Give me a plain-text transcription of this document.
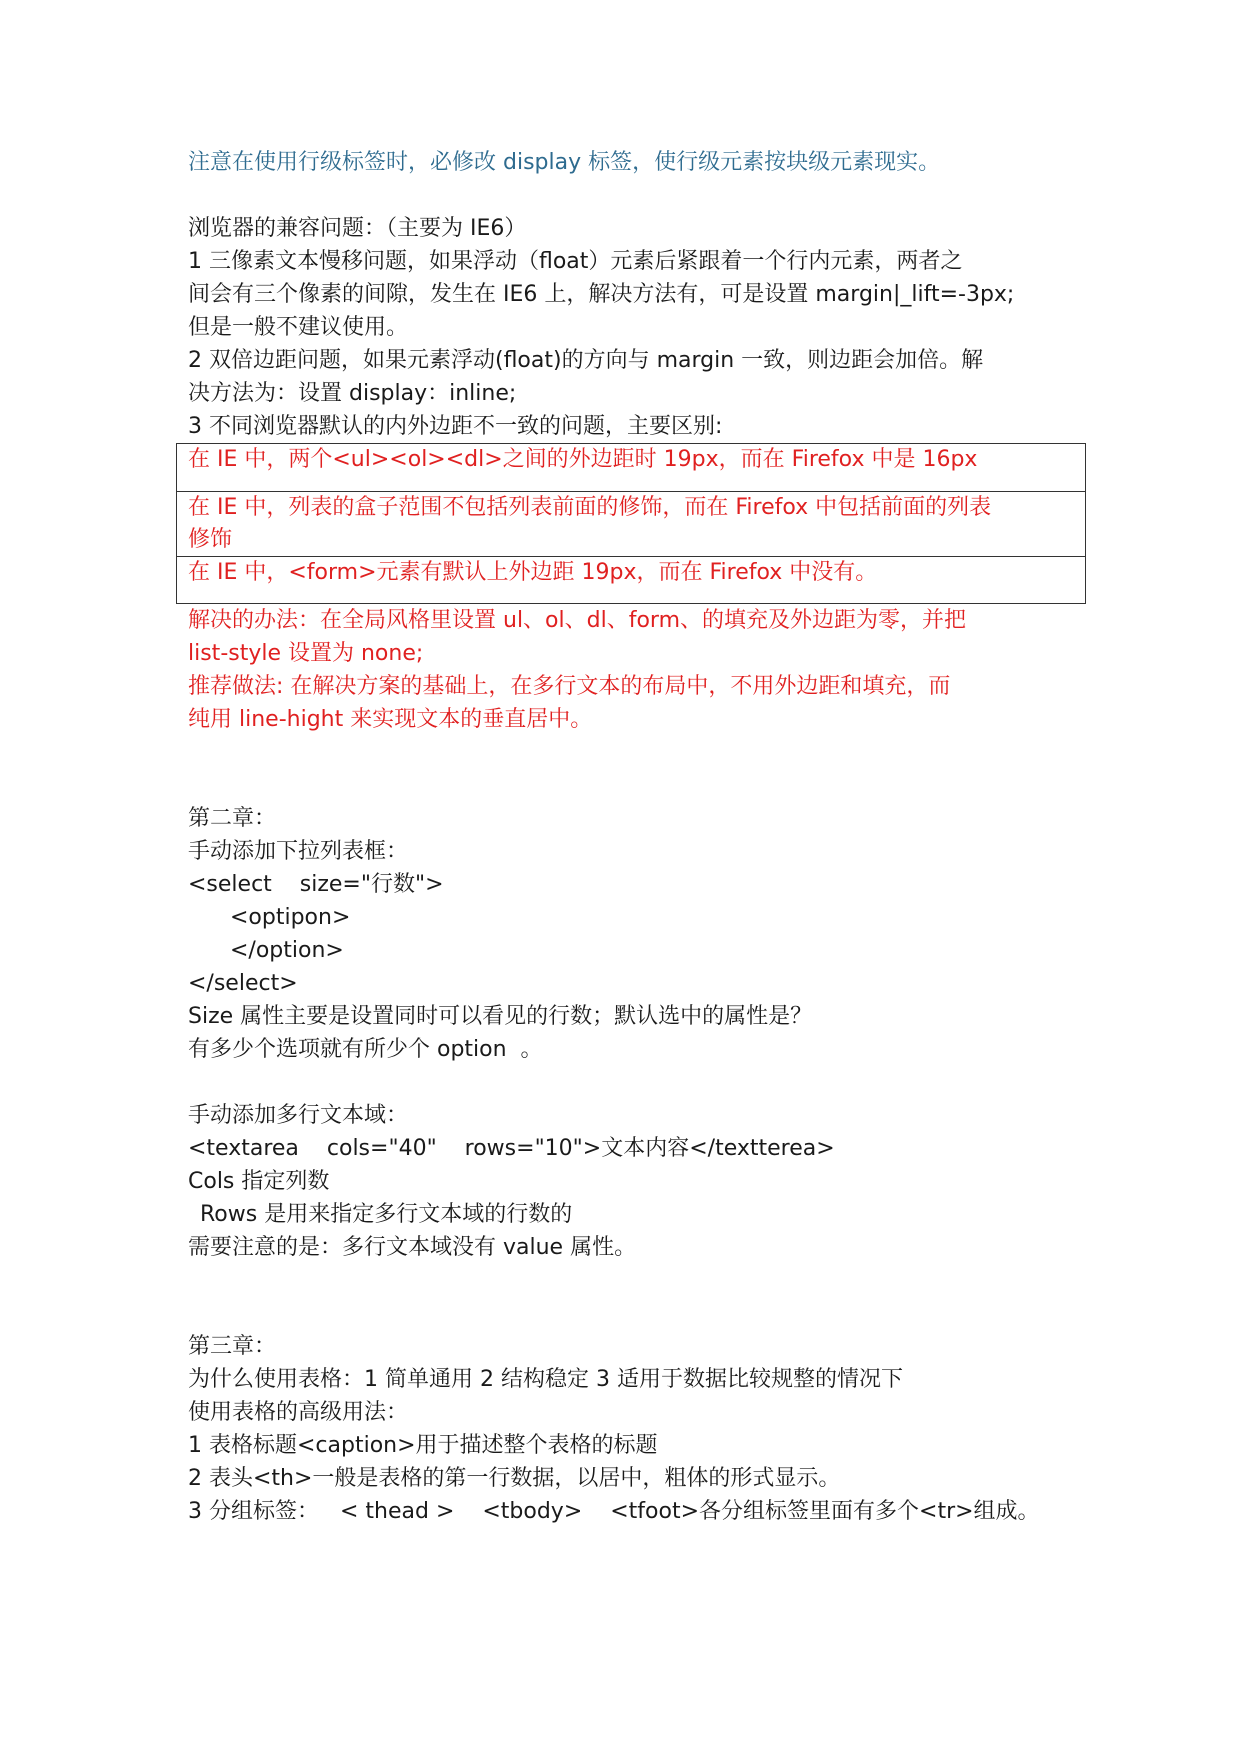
注意在使用行级标签时，必修改 display 标签，使行级元素按块级元素现实。
浏览器的兼容问题：（主要为 IE6）
1 三像素文本慢移问题，如果浮动（float）元素后紧跟着一个行内元素，两者之
间会有三个像素的间隙，发生在 IE6 上，解决方法有，可是设置 margin|_lift=-3px;
但是一般不建议使用。
2 双倍边距问题，如果元素浮动(float)的方向与 margin 一致，则边距会加倍。解
决方法为：设置 display：inline;
3 不同浏览器默认的内外边距不一致的问题，主要区别:
在 IE 中，两个<ul><ol><dl>之间的外边距时 19px，而在 Firefox 中是 16px

在 IE 中，列表的盒子范围不包括列表前面的修饰，而在 Firefox 中包括前面的列表
修饰

在 IE 中，<form>元素有默认上外边距 19px，而在 Firefox 中没有。
解决的办法：在全局风格里设置 ul、ol、dl、form、的填充及外边距为零，并把
list-style 设置为 none;
推荐做法: 在解决方案的基础上，在多行文本的布局中，不用外边距和填充，而
纯用 line-hight 来实现文本的垂直居中。
第二章：
手动添加下拉列表框：
<select    size="行数">
<optipon>
</option>
</select>
Size 属性主要是设置同时可以看见的行数；默认选中的属性是？
有多少个选项就有所少个 option  。
手动添加多行文本域：
<textarea    cols="40"    rows="10">文本内容</textterea>
Cols 指定列数
Rows 是用来指定多行文本域的行数的
需要注意的是：多行文本域没有 value 属性。
第三章：
为什么使用表格：1 简单通用 2 结构稳定 3 适用于数据比较规整的情况下
使用表格的高级用法：
1 表格标题<caption>用于描述整个表格的标题
2 表头<th>一般是表格的第一行数据，以居中，粗体的形式显示。
3 分组标签：   < thead >    <tbody>    <tfoot>各分组标签里面有多个<tr>组成。
